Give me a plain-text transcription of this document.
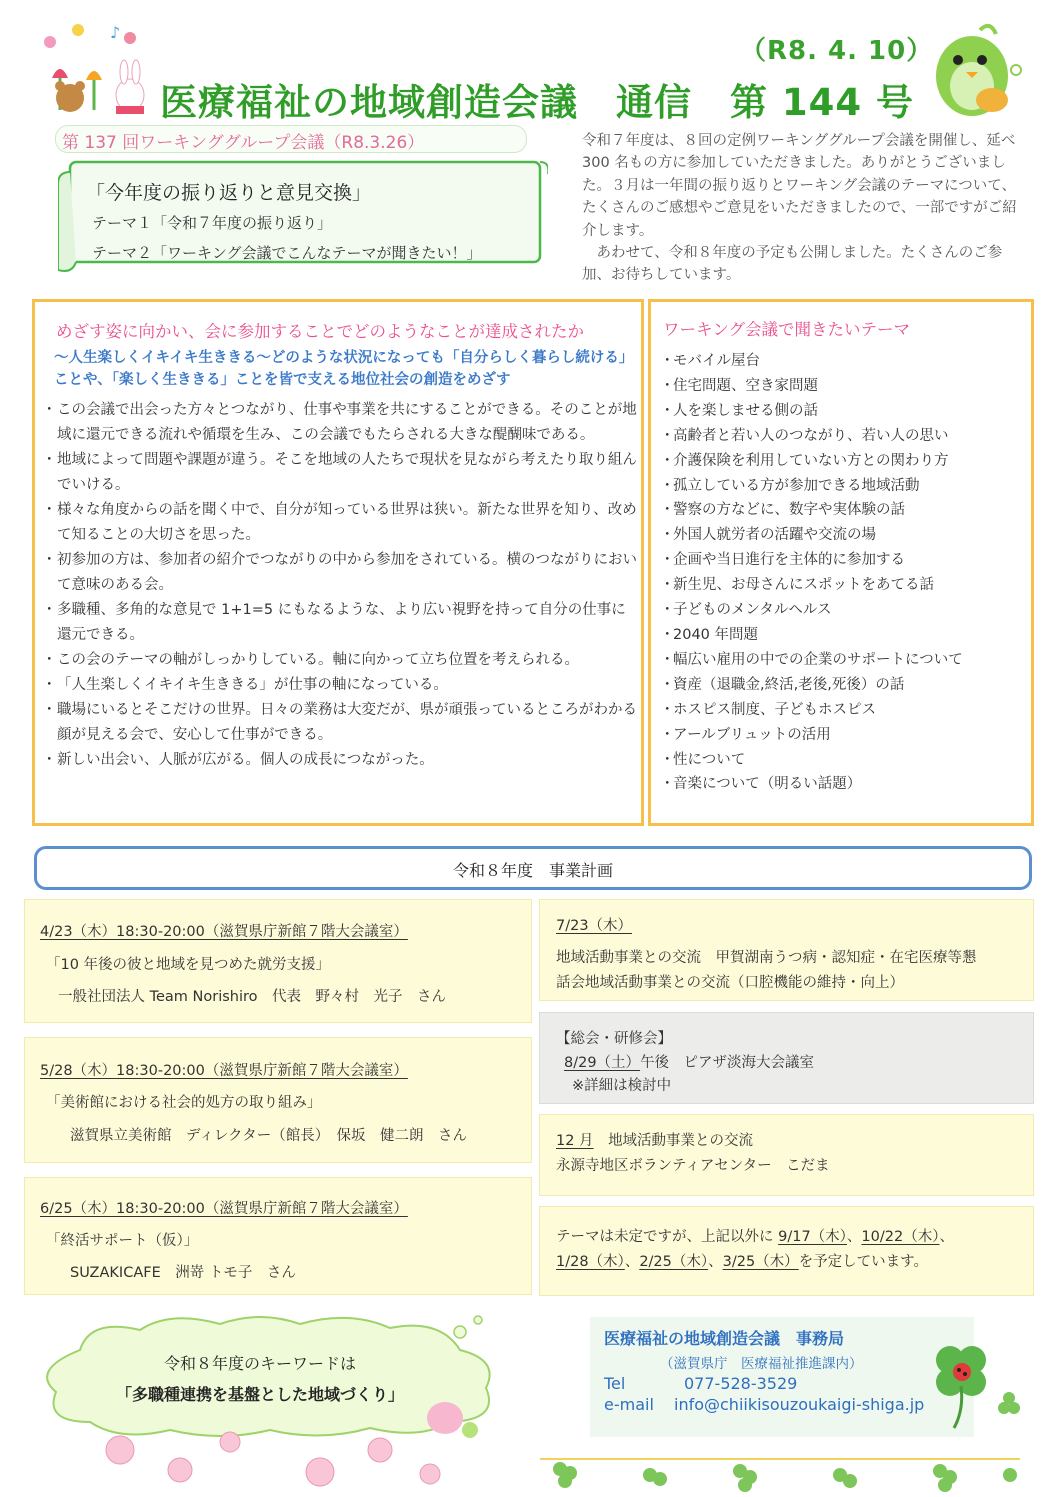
♪
（R8. 4. 10）
医療福祉の地域創造会議　通信　第 144 号
第 137 回ワーキンググループ会議（R8.3.26）
「今年度の振り返りと意見交換」
テーマ１「令和７年度の振り返り」
テーマ２「ワーキング会議でこんなテーマが聞きたい！」

令和７年度は、８回の定例ワーキンググループ会議を開催し、延べ 300 名もの方に参加していただきました。ありがとうございました。３月は一年間の振り返りとワーキング会議のテーマについて、たくさんのご感想やご意見をいただきましたので、一部ですがご紹介します。

　あわせて、令和８年度の予定も公開しました。たくさんのご参加、お待ちしています。

めざす姿に向かい、会に参加することでどのようなことが達成されたか
～人生楽しくイキイキ生ききる～どのような状況になっても「自分らしく暮らし続ける」ことや、「楽しく生ききる」ことを皆で支える地位社会の創造をめざす
・ この会議で出会った方々とつながり、仕事や事業を共にすることができる。そのことが地域に還元できる流れや循環を生み、この会議でもたらされる大きな醍醐味である。
・ 地域によって問題や課題が違う。そこを地域の人たちで現状を見ながら考えたり取り組んでいける。
・ 様々な角度からの話を聞く中で、自分が知っている世界は狭い。新たな世界を知り、改めて知ることの大切さを思った。
・ 初参加の方は、参加者の紹介でつながりの中から参加をされている。横のつながりにおいて意味のある会。
・ 多職種、多角的な意見で 1+1=5 にもなるような、より広い視野を持って自分の仕事に還元できる。
・ この会のテーマの軸がしっかりしている。軸に向かって立ち位置を考えられる。
・ 「人生楽しくイキイキ生ききる」が仕事の軸になっている。
・ 職場にいるとそこだけの世界。日々の業務は大変だが、県が頑張っているところがわかる顔が見える会で、安心して仕事ができる。
・ 新しい出会い、人脈が広がる。個人の成長につながった。
ワーキング会議で聞きたいテーマ
・ モバイル屋台
・ 住宅問題、空き家問題
・ 人を楽しませる側の話
・ 高齢者と若い人のつながり、若い人の思い
・ 介護保険を利用していない方との関わり方
・ 孤立している方が参加できる地域活動
・ 警察の方などに、数字や実体験の話
・ 外国人就労者の活躍や交流の場
・ 企画や当日進行を主体的に参加する
・ 新生児、お母さんにスポットをあてる話
・ 子どものメンタルヘルス
・ 2040 年問題
・ 幅広い雇用の中での企業のサポートについて
・ 資産（退職金,終活,老後,死後）の話
・ ホスピス制度、子どもホスピス
・ アールブリュットの活用
・ 性について
・ 音楽について（明るい話題）
令和８年度　事業計画
4/23（木）18:30-20:00（滋賀県庁新館７階大会議室）
「10 年後の彼と地域を見つめた就労支援」
一般社団法人 Team Norishiro　代表　野々村　光子　さん
5/28（木）18:30-20:00（滋賀県庁新館７階大会議室）
「美術館における社会的処方の取り組み」
滋賀県立美術館　ディレクター（館長）　保坂　健二朗　さん
6/25（木）18:30-20:00（滋賀県庁新館７階大会議室）
「終活サポート（仮）」
SUZAKICAFE　洲嵜 トモ子　さん
7/23（木）
地域活動事業との交流　甲賀湖南うつ病・認知症・在宅医療等懇
話会地域活動事業との交流（口腔機能の維持・向上）
【総会・研修会】
8/29（土）午後　ピアザ淡海大会議室
※詳細は検討中
12 月　 地域活動事業との交流
永源寺地区ボランティアセンター　こだま
テーマは未定ですが、上記以外に 9/17（木）、10/22（木）、
1/28（木）、2/25（木）、3/25（木）を予定しています。
令和８年度のキーワードは
「多職種連携を基盤とした地域づくり」
医療福祉の地域創造会議　事務局
（滋賀県庁　医療福祉推進課内）
Tel	077-528-3529
e-mail info@chiikisouzoukaigi-shiga.jp
